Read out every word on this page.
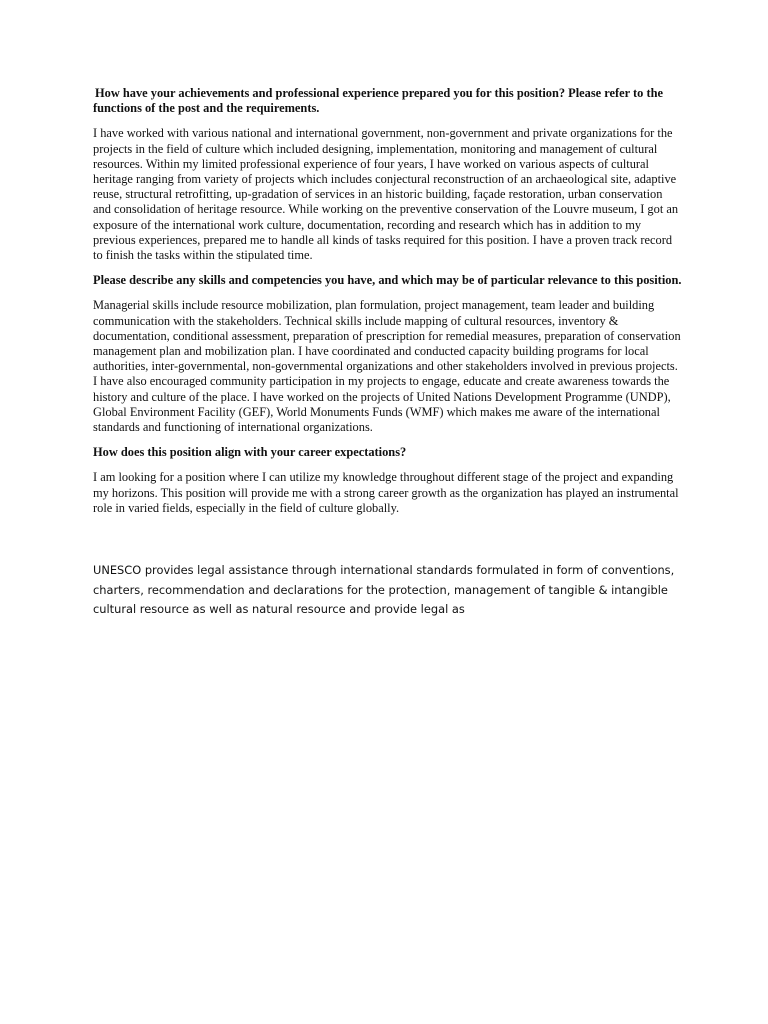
How have your achievements and professional experience prepared you for this position? Please refer to the functions of the post and the requirements.

I have worked with various national and international government, non-government and private organizations for the projects in the field of culture which included designing, implementation, monitoring and management of cultural resources. Within my limited professional experience of four years, I have worked on various aspects of cultural heritage ranging from variety of projects which includes conjectural reconstruction of an archaeological site, adaptive reuse, structural retrofitting, up-gradation of services in an historic building, façade restoration, urban conservation and consolidation of heritage resource. While working on the preventive conservation of the Louvre museum, I got an exposure of the international work culture, documentation, recording and research which has in addition to my previous experiences, prepared me to handle all kinds of tasks required for this position. I have a proven track record to finish the tasks within the stipulated time.

Please describe any skills and competencies you have, and which may be of particular relevance to this position.

Managerial skills include resource mobilization, plan formulation, project management, team leader and building communication with the stakeholders. Technical skills include mapping of cultural resources, inventory & documentation, conditional assessment, preparation of prescription for remedial measures, preparation of conservation management plan and mobilization plan. I have coordinated and conducted capacity building programs for local authorities, inter-governmental, non-governmental organizations and other stakeholders involved in previous projects. I have also encouraged community participation in my projects to engage, educate and create awareness towards the history and culture of the place. I have worked on the projects of United Nations Development Programme (UNDP), Global Environment Facility (GEF), World Monuments Funds (WMF) which makes me aware of the international standards and functioning of international organizations.

How does this position align with your career expectations?

I am looking for a position where I can utilize my knowledge throughout different stage of the project and expanding my horizons. This position will provide me with a strong career growth as the organization has played an instrumental role in varied fields, especially in the field of culture globally.

UNESCO provides legal assistance through international standards formulated in form of conventions, charters, recommendation and declarations for the protection, management of tangible & intangible cultural resource as well as natural resource and provide legal as
